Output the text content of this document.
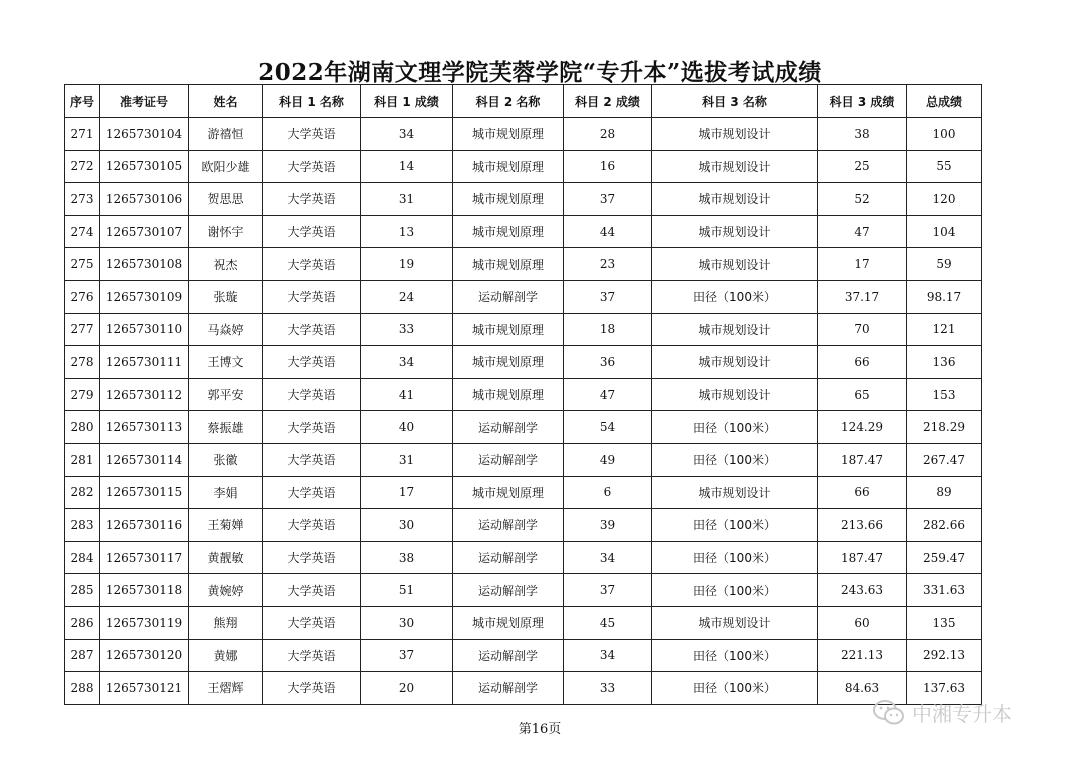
2022年湖南文理学院芙蓉学院“专升本”选拔考试成绩
序号	准考证号	姓名	科目 1 名称	科目 1 成绩	科目 2 名称	科目 2 成绩	科目 3 名称	科目 3 成绩	总成绩
271	1265730104	游禧恒	大学英语	34	城市规划原理	28	城市规划设计	38	100
272	1265730105	欧阳少雄	大学英语	14	城市规划原理	16	城市规划设计	25	55
273	1265730106	贺思思	大学英语	31	城市规划原理	37	城市规划设计	52	120
274	1265730107	谢怀宇	大学英语	13	城市规划原理	44	城市规划设计	47	104
275	1265730108	祝杰	大学英语	19	城市规划原理	23	城市规划设计	17	59
276	1265730109	张璇	大学英语	24	运动解剖学	37	田径（100米）	37.17	98.17
277	1265730110	马焱婷	大学英语	33	城市规划原理	18	城市规划设计	70	121
278	1265730111	王博文	大学英语	34	城市规划原理	36	城市规划设计	66	136
279	1265730112	郭平安	大学英语	41	城市规划原理	47	城市规划设计	65	153
280	1265730113	蔡振雄	大学英语	40	运动解剖学	54	田径（100米）	124.29	218.29
281	1265730114	张徽	大学英语	31	运动解剖学	49	田径（100米）	187.47	267.47
282	1265730115	李娟	大学英语	17	城市规划原理	6	城市规划设计	66	89
283	1265730116	王菊婵	大学英语	30	运动解剖学	39	田径（100米）	213.66	282.66
284	1265730117	黄靓敏	大学英语	38	运动解剖学	34	田径（100米）	187.47	259.47
285	1265730118	黄婉婷	大学英语	51	运动解剖学	37	田径（100米）	243.63	331.63
286	1265730119	熊翔	大学英语	30	城市规划原理	45	城市规划设计	60	135
287	1265730120	黄娜	大学英语	37	运动解剖学	34	田径（100米）	221.13	292.13
288	1265730121	王熠辉	大学英语	20	运动解剖学	33	田径（100米）	84.63	137.63
第16页
中湘专升本
